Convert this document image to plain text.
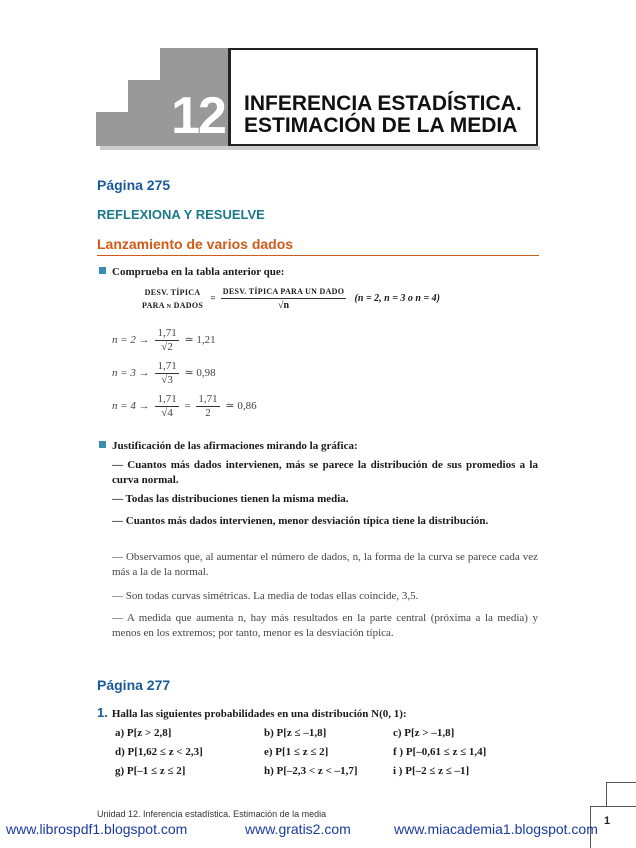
12 INFERENCIA ESTADÍSTICA.
ESTIMACIÓN DE LA MEDIA
Página 275
REFLEXIONA Y RESUELVE
Lanzamiento de varios dados
Comprueba en la tabla anterior que:
DESV. TÍPICA
PARA n DADOS
= $\frac{\text{DESV. TÍPICA PARA UN DADO}}{√n} (n = 2$, n = 3 o n = 4)
$n = 2 \to \frac{1,71}{√2}$ ≃ 1,21
$n = 3 \to \frac{1,71}{√3}$ ≃ 0,98
$n = 4 \to \frac{1,71}{√4} = \frac{1,71}{2}$ ≃ 0,86
Justificación de las afirmaciones mirando la gráfica:
— Cuantos más dados intervienen, más se parece la distribución de sus promedios a la curva normal.
— Todas las distribuciones tienen la misma media.
— Cuantos más dados intervienen, menor desviación típica tiene la distribución.
— Observamos que, al aumentar el número de dados, n, la forma de la curva se parece cada vez más a la de la normal.
— Son todas curvas simétricas. La media de todas ellas coincide, 3,5.
— A medida que aumenta n, hay más resultados en la parte central (próxima a la media) y menos en los extremos; por tanto, menor es la desviación típica.
Página 277
1. Halla las siguientes probabilidades en una distribución N(0, 1):
a) P[z > 2,8]	b) P[z ≤ –1,8]	c) P[z > –1,8]
d) P[1,62 ≤ z < 2,3]	e) P[1 ≤ z ≤ 2]	f ) P[–0,61 ≤ z ≤ 1,4]
g) P[–1 ≤ z ≤ 2]	h) P[–2,3 < z < –1,7]	i ) P[–2 ≤ z ≤ –1]
Unidad 12. Inferencia estadística. Estimación de la media
1
www.librospdf1.blogspot.com	www.gratis2.com	www.miacademia1.blogspot.com
